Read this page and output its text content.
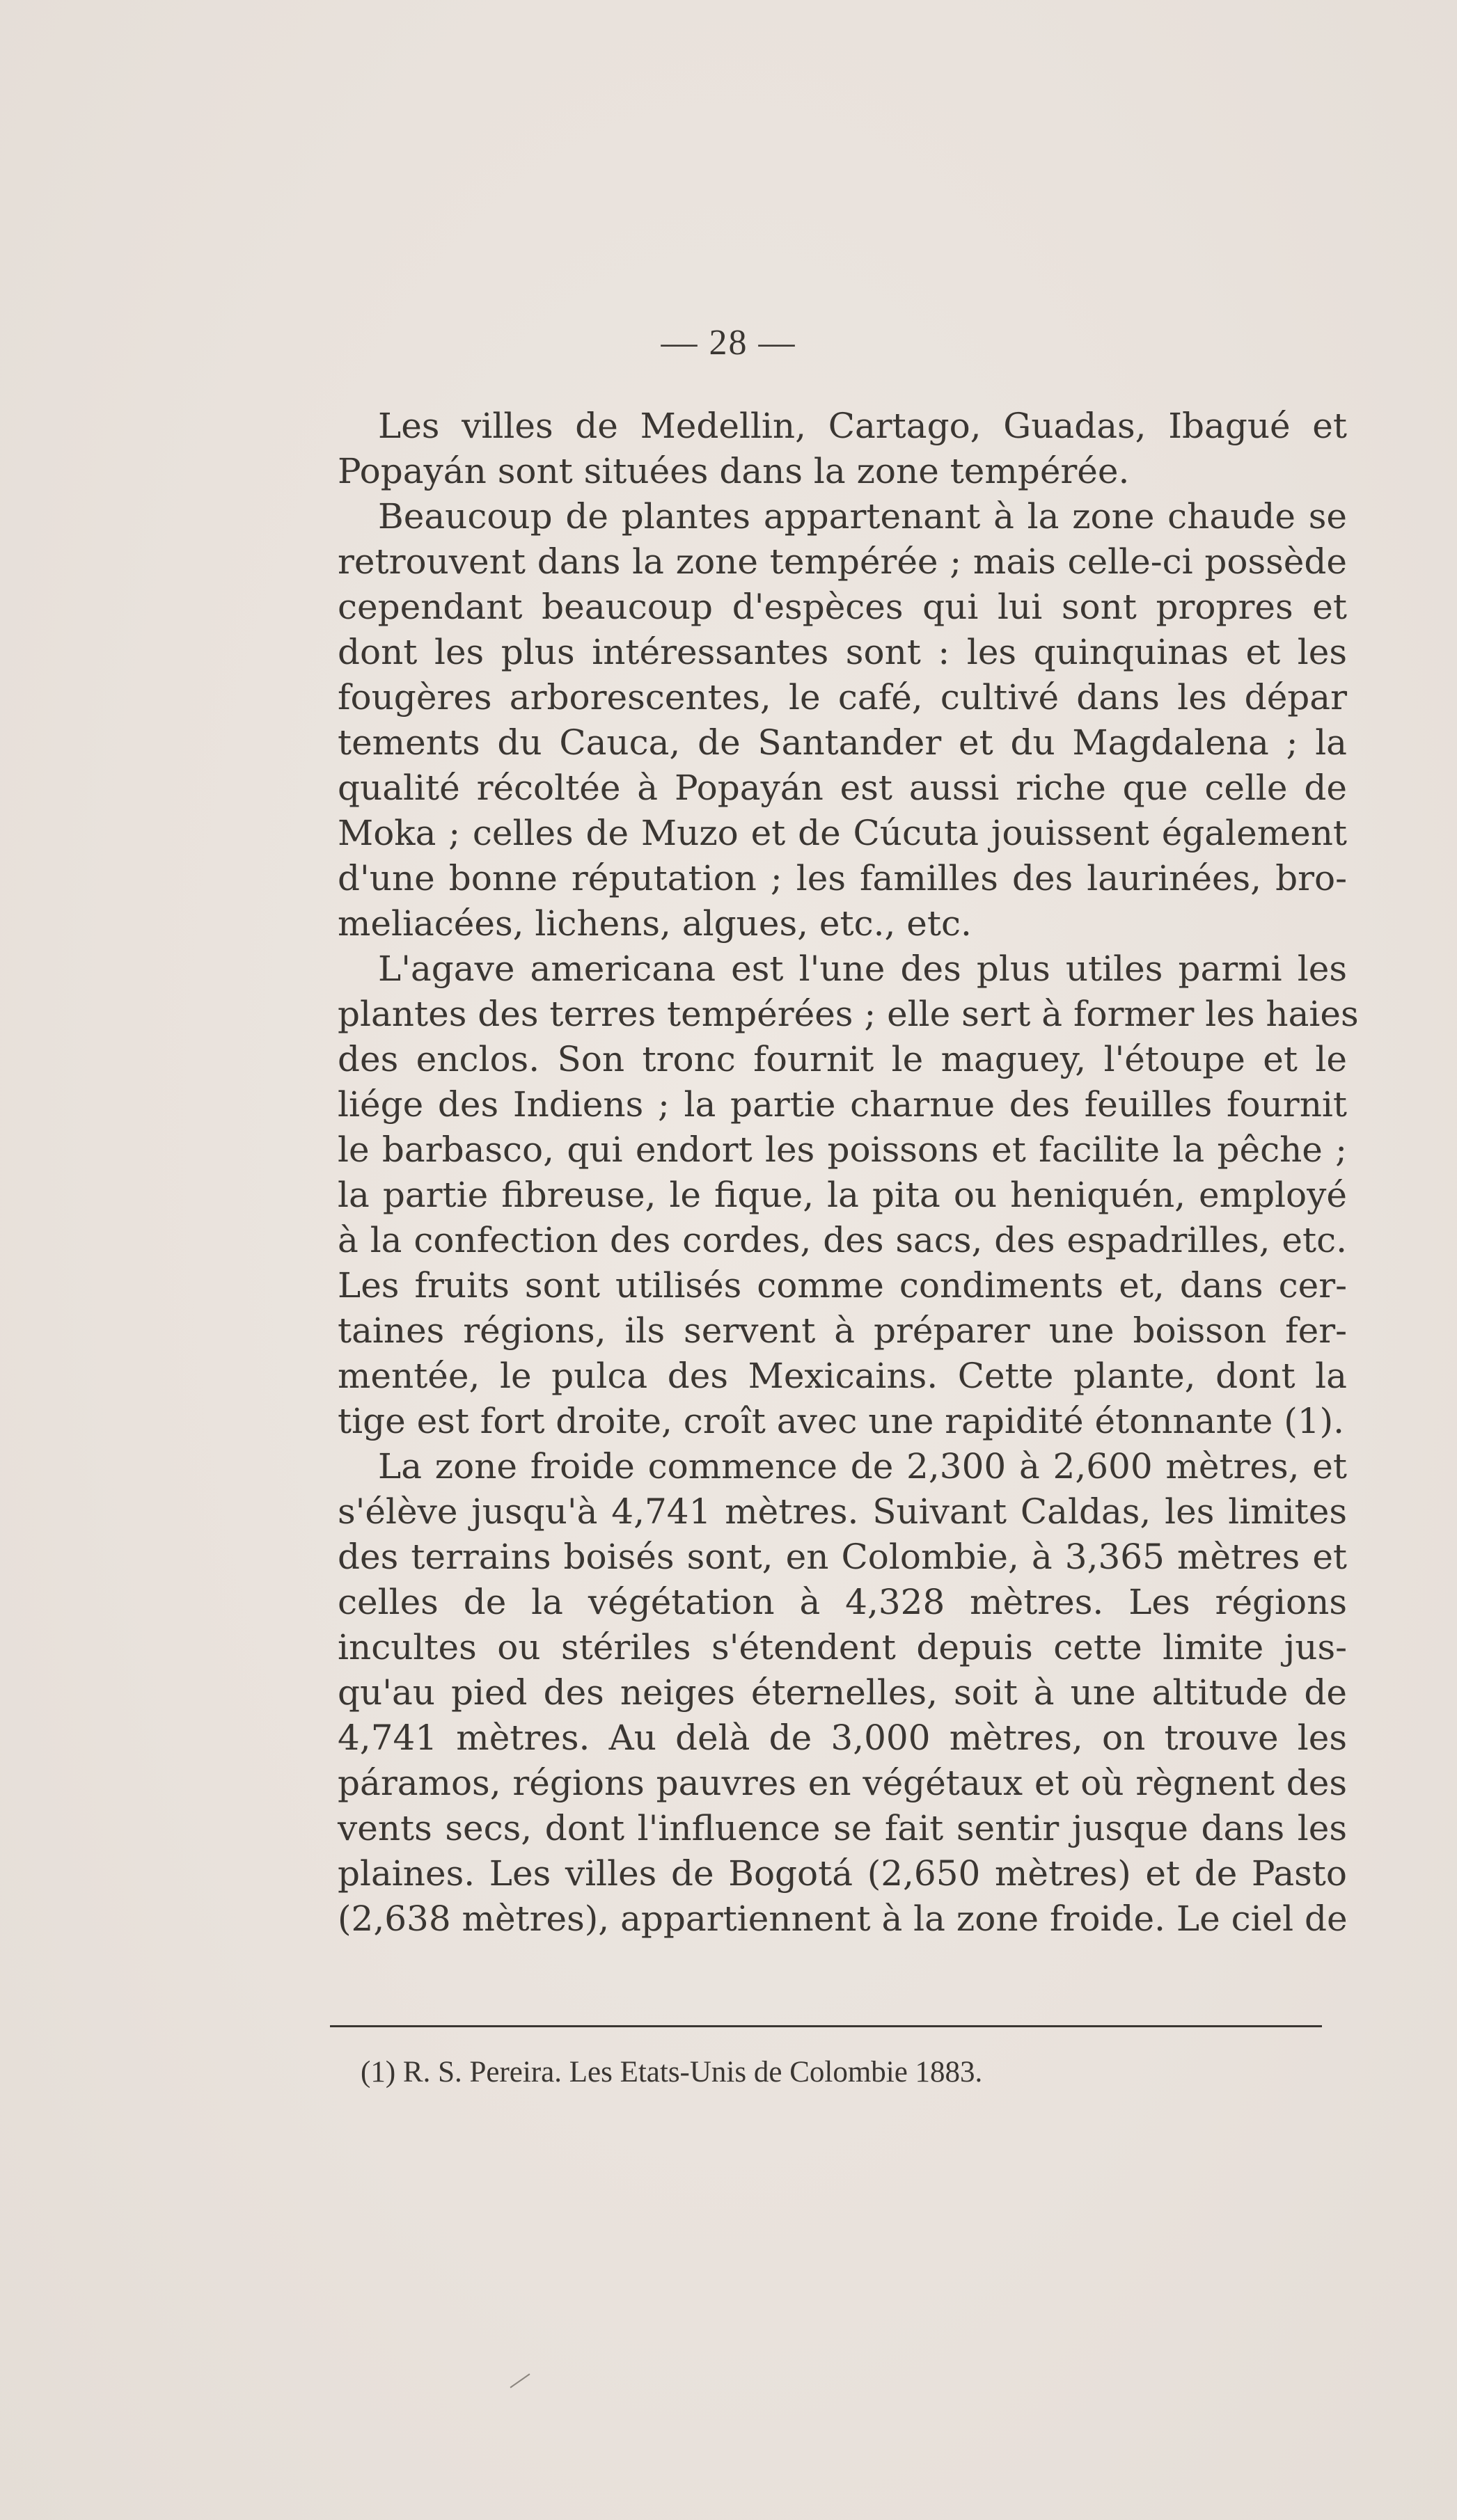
— 28 —
Les villes de Medellin, Cartago, Guadas, Ibagué et
Popayán sont situées dans la zone tempérée.
Beaucoup de plantes appartenant à la zone chaude se
retrouvent dans la zone tempérée ; mais celle-ci possède
cependant beaucoup d'espèces qui lui sont propres et
dont les plus intéressantes sont : les quinquinas et les
fougères arborescentes, le café, cultivé dans les dépar
tements du Cauca, de Santander et du Magdalena ; la
qualité récoltée à Popayán est aussi riche que celle de
Moka ; celles de Muzo et de Cúcuta jouissent également
d'une bonne réputation ; les familles des laurinées, bro-
meliacées, lichens, algues, etc., etc.
L'agave americana est l'une des plus utiles parmi les
plantes des terres tempérées ; elle sert à former les haies
des enclos. Son tronc fournit le maguey, l'étoupe et le
liége des Indiens ; la partie charnue des feuilles fournit
le barbasco, qui endort les poissons et facilite la pêche ;
la partie fibreuse, le fique, la pita ou heniquén, employé
à la confection des cordes, des sacs, des espadrilles, etc.
Les fruits sont utilisés comme condiments et, dans cer-
taines régions, ils servent à préparer une boisson fer-
mentée, le pulca des Mexicains. Cette plante, dont la
tige est fort droite, croît avec une rapidité étonnante (1).
La zone froide commence de 2,300 à 2,600 mètres, et
s'élève jusqu'à 4,741 mètres. Suivant Caldas, les limites
des terrains boisés sont, en Colombie, à 3,365 mètres et
celles de la végétation à 4,328 mètres. Les régions
incultes ou stériles s'étendent depuis cette limite jus-
qu'au pied des neiges éternelles, soit à une altitude de
4,741 mètres. Au delà de 3,000 mètres, on trouve les
páramos, régions pauvres en végétaux et où règnent des
vents secs, dont l'influence se fait sentir jusque dans les
plaines. Les villes de Bogotá (2,650 mètres) et de Pasto
(2,638 mètres), appartiennent à la zone froide. Le ciel de
(1) R. S. Pereira. Les Etats-Unis de Colombie 1883.
